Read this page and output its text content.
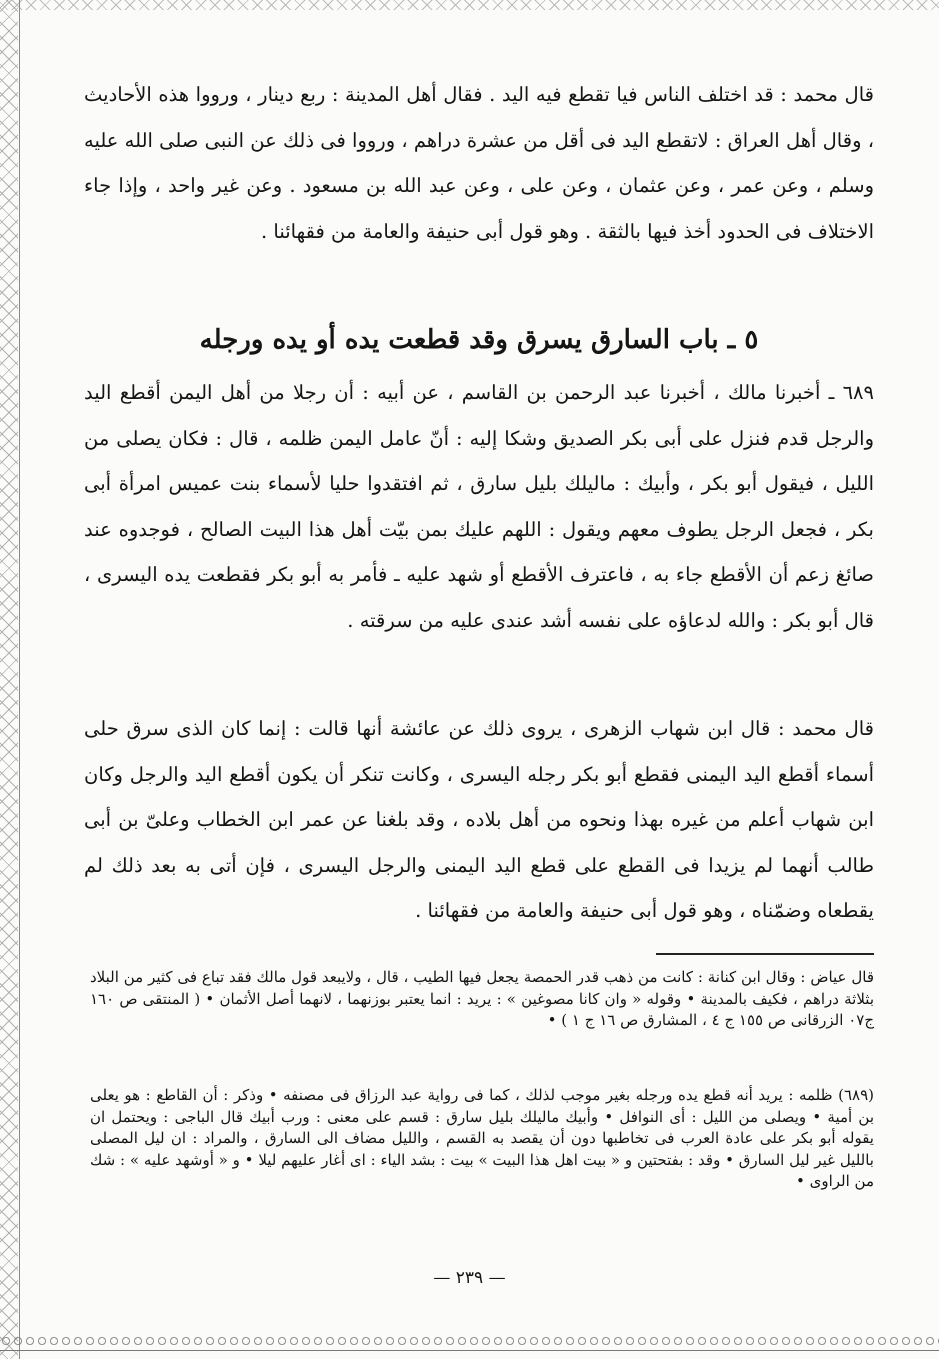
قال محمد : قد اختلف الناس فيا تقطع فيه اليد . فقال أهل المدينة : ربع دينار ، ورووا هذه الأحاديث ، وقال أهل العراق : لاتقطع اليد فى أقل من عشرة دراهم ، ورووا فى ذلك عن النبى صلى الله عليه وسلم ، وعن عمر ، وعن عثمان ، وعن على ، وعن عبد الله بن مسعود . وعن غير واحد ، وإذا جاء الاختلاف فى الحدود أخذ فيها بالثقة . وهو قول أبى حنيفة والعامة من فقهائنا .

٥ ـ باب السارق يسرق وقد قطعت يده أو يده ورجله

٦٨٩ ـ أخبرنا مالك ، أخبرنا عبد الرحمن بن القاسم ، عن أبيه : أن رجلا من أهل اليمن أقطع اليد والرجل قدم فنزل على أبى بكر الصديق وشكا إليه : أنّ عامل اليمن ظلمه ، قال : فكان يصلى من الليل ، فيقول أبو بكر ، وأبيك : ماليلك بليل سارق ، ثم افتقدوا حليا لأسماء بنت عميس امرأة أبى بكر ، فجعل الرجل يطوف معهم ويقول : اللهم عليك بمن بيّت أهل هذا البيت الصالح ، فوجدوه عند صائغ زعم أن الأقطع جاء به ، فاعترف الأقطع أو شهد عليه ـ فأمر به أبو بكر فقطعت يده اليسرى ، قال أبو بكر : والله لدعاؤه على نفسه أشد عندى عليه من سرقته .

قال محمد : قال ابن شهاب الزهرى ، يروى ذلك عن عائشة أنها قالت : إنما كان الذى سرق حلى أسماء أقطع اليد اليمنى فقطع أبو بكر رجله اليسرى ، وكانت تنكر أن يكون أقطع اليد والرجل وكان ابن شهاب أعلم من غيره بهذا ونحوه من أهل بلاده ، وقد بلغنا عن عمر ابن الخطاب وعلىّ بن أبى طالب أنهما لم يزيدا فى القطع على قطع اليد اليمنى والرجل اليسرى ، فإن أتى به بعد ذلك لم يقطعاه وضمّناه ، وهو قول أبى حنيفة والعامة من فقهائنا .

قال عياض : وقال ابن كنانة : كانت من ذهب قدر الحمصة يجعل فيها الطيب ، قال ، ولايبعد قول مالك فقد تباع فى كثير من البلاد بثلاثة دراهم ، فكيف بالمدينة • وقوله « وان كانا مصوغين » : يريد : انما يعتبر بوزنهما ، لانهما أصل الأثمان • ( المنتقى ص ١٦٠ ج٠٧ الزرقانى ص ١٥٥ ج ٤ ، المشارق ص ١٦ ج ١ ) •

(٦٨٩) ظلمه : يريد أنه قطع يده ورجله بغير موجب لذلك ، كما فى رواية عبد الرزاق فى مصنفه • وذكر : أن القاطع : هو يعلى بن أمية • ويصلى من الليل : أى النوافل • وأبيك ماليلك بليل سارق : قسم على معنى : ورب أبيك قال الباجى : ويحتمل ان يقوله أبو بكر على عادة العرب فى تخاطبها دون أن يقصد به القسم ، والليل مضاف الى السارق ، والمراد : ان ليل المصلى بالليل غير ليل السارق • وقد : بفتحتين و « بيت اهل هذا البيت » بيت : بشد الياء : اى أغار عليهم ليلا • و « أوشهد عليه » : شك من الراوى •

— ٢٣٩ —
